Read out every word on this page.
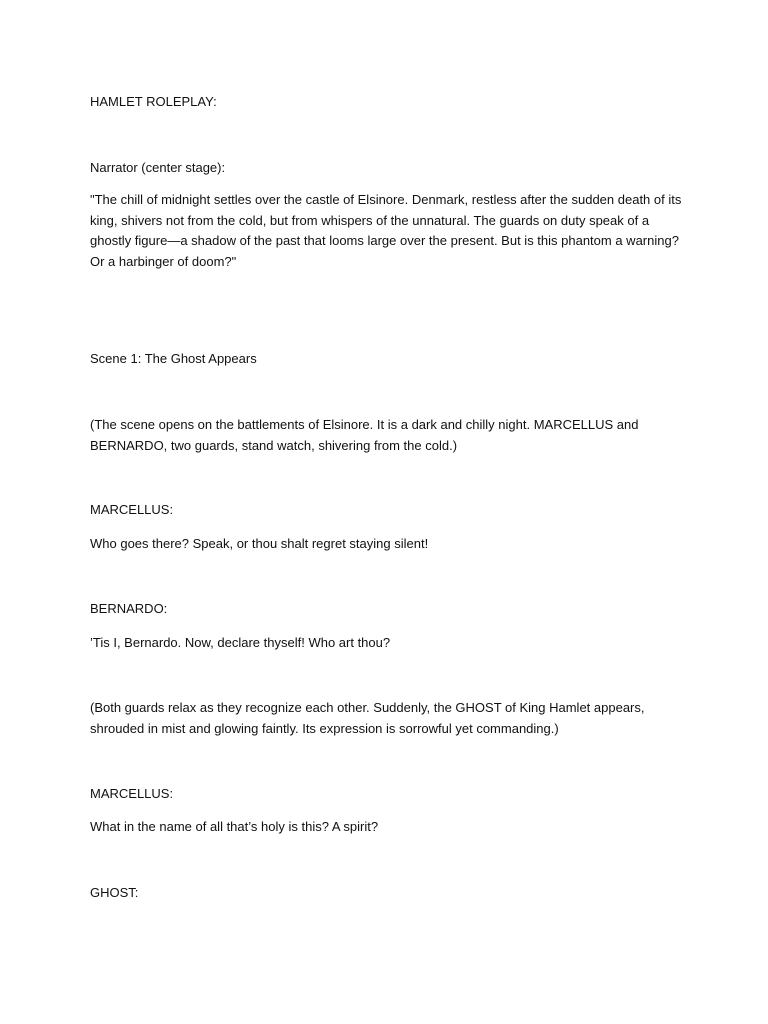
HAMLET ROLEPLAY:

Narrator (center stage):

"The chill of midnight settles over the castle of Elsinore. Denmark, restless after the sudden death of its king, shivers not from the cold, but from whispers of the unnatural. The guards on duty speak of a ghostly figure—a shadow of the past that looms large over the present. But is this phantom a warning? Or a harbinger of doom?"

Scene 1: The Ghost Appears

(The scene opens on the battlements of Elsinore. It is a dark and chilly night. MARCELLUS and BERNARDO, two guards, stand watch, shivering from the cold.)

MARCELLUS:

Who goes there? Speak, or thou shalt regret staying silent!

BERNARDO:

’Tis I, Bernardo. Now, declare thyself! Who art thou?

(Both guards relax as they recognize each other. Suddenly, the GHOST of King Hamlet appears, shrouded in mist and glowing faintly. Its expression is sorrowful yet commanding.)

MARCELLUS:

What in the name of all that’s holy is this? A spirit?

GHOST:
